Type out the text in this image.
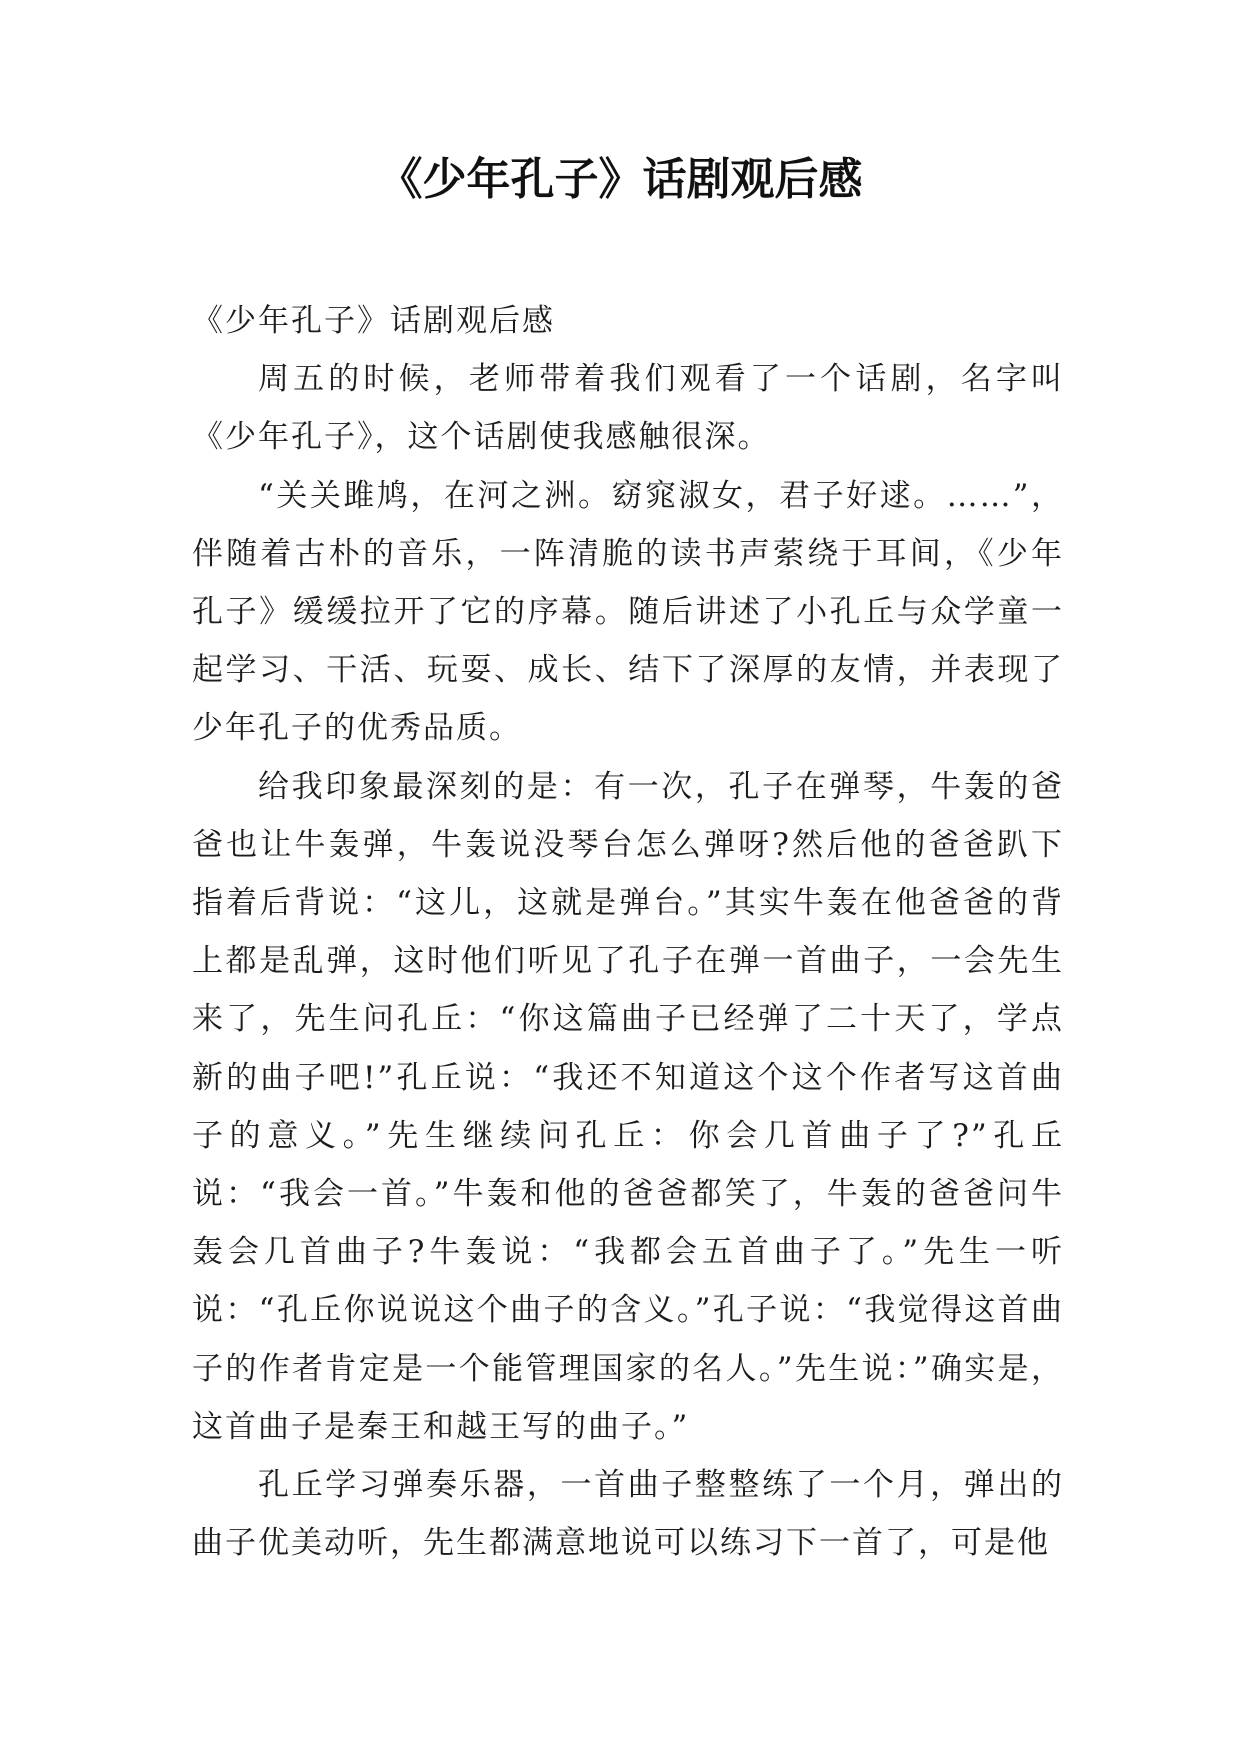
《少年孔子》话剧观后感

《少年孔子》话剧观后感

周五的时候，老师带着我们观看了一个话剧，名字叫《少年孔子》，这个话剧使我感触很深。

“关关雎鸠，在河之洲。窈窕淑女，君子好逑。……”，伴随着古朴的音乐，一阵清脆的读书声萦绕于耳间，《少年孔子》缓缓拉开了它的序幕。随后讲述了小孔丘与众学童一起学习、干活、玩耍、成长、结下了深厚的友情，并表现了少年孔子的优秀品质。

给我印象最深刻的是：有一次，孔子在弹琴，牛轰的爸爸也让牛轰弹，牛轰说没琴台怎么弹呀?然后他的爸爸趴下指着后背说：“这儿，这就是弹台。”其实牛轰在他爸爸的背上都是乱弹，这时他们听见了孔子在弹一首曲子，一会先生来了，先生问孔丘：“你这篇曲子已经弹了二十天了，学点新的曲子吧!”孔丘说：“我还不知道这个这个作者写这首曲子的意义。”先生继续问孔丘：你会几首曲子了?”孔丘说：“我会一首。”牛轰和他的爸爸都笑了，牛轰的爸爸问牛轰会几首曲子?牛轰说：“我都会五首曲子了。”先生一听说：“孔丘你说说这个曲子的含义。”孔子说：“我觉得这首曲子的作者肯定是一个能管理国家的名人。”先生说：”确实是，这首曲子是秦王和越王写的曲子。”

孔丘学习弹奏乐器，一首曲子整整练了一个月，弹出的曲子优美动听，先生都满意地说可以练习下一首了，可是他
